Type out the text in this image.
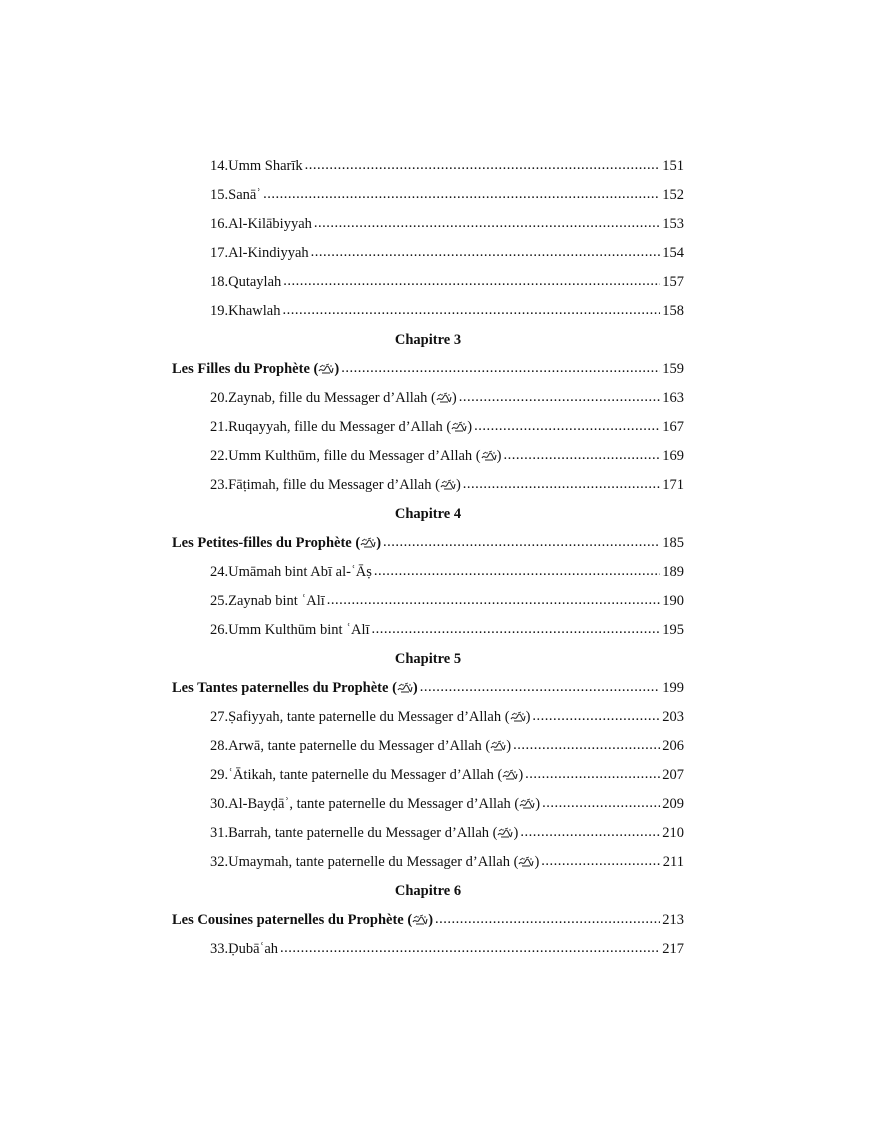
14. Umm Sharīk .....	151
15. Sanāʾ .....	152
16. Al-Kilābiyyah .....	153
17. Al-Kindiyyah .....	154
18. Qutaylah .....	157
19. Khawlah .....	158
Chapitre 3
Les Filles du Prophète ( ) .....	159
20. Zaynab, fille du Messager d’Allah ( ) .....	163
21. Ruqayyah, fille du Messager d’Allah ( ) .....	167
22. Umm Kulthūm, fille du Messager d’Allah ( ) .....	169
23. Fāṭimah, fille du Messager d’Allah ( ) .....	171
Chapitre 4
Les Petites-filles du Prophète ( ) .....	185
24. Umāmah bint Abī al-ʿĀṣ .....	189
25. Zaynab bint ʿAlī .....	190
26. Umm Kulthūm bint ʿAlī .....	195
Chapitre 5
Les Tantes paternelles du Prophète ( ) .....	199
27. Ṣafiyyah, tante paternelle du Messager d’Allah ( ) .....	203
28. Arwā, tante paternelle du Messager d’Allah ( ) .....	206
29. ʿĀtikah, tante paternelle du Messager d’Allah ( ) .....	207
30. Al-Bayḍāʾ, tante paternelle du Messager d’Allah ( ) .....	209
31. Barrah, tante paternelle du Messager d’Allah ( ) .....	210
32. Umaymah, tante paternelle du Messager d’Allah ( ) .....	211
Chapitre 6
Les Cousines paternelles du Prophète ( ) .....	213
33. Ḍubāʿah .....	217
